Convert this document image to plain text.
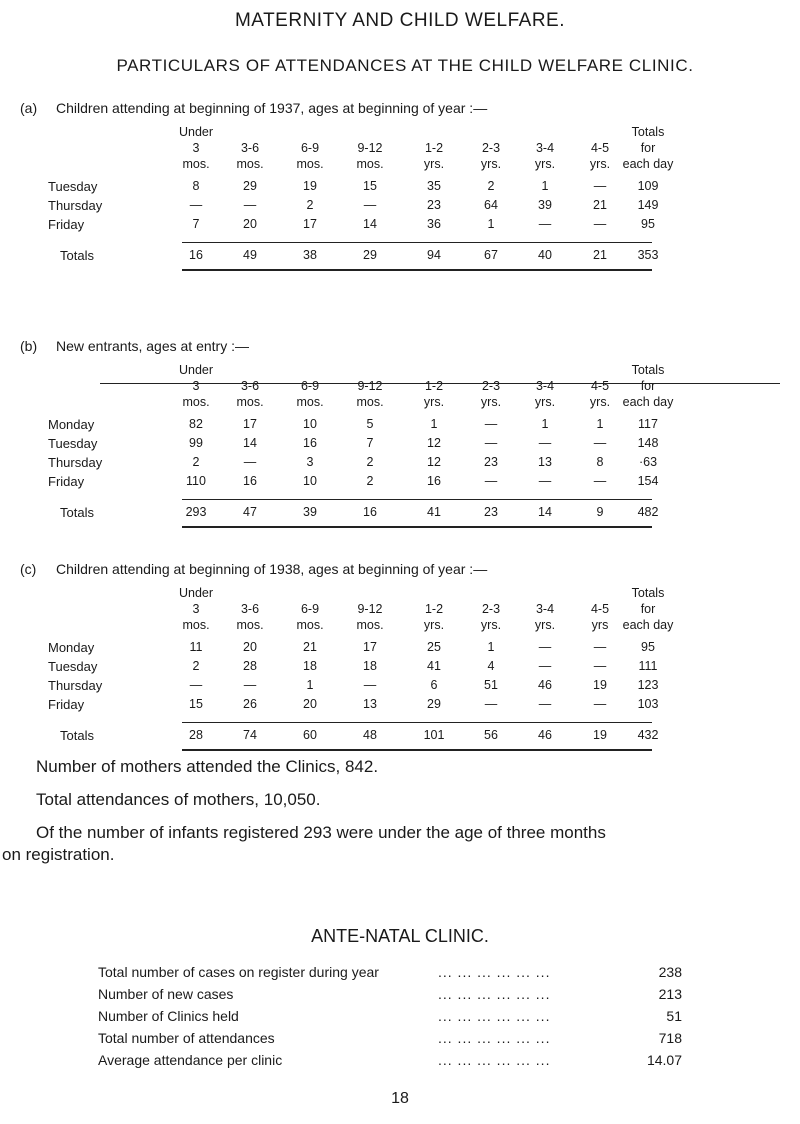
MATERNITY AND CHILD WELFARE.
PARTICULARS OF ATTENDANCES AT THE CHILD WELFARE CLINIC.
(a) Children attending at beginning of 1937, ages at beginning of year :—
Under
3
mos.
3-6
mos.
6-9
mos.
9-12
mos.
1-2
yrs.
2-3
yrs.
3-4
yrs.
4-5
yrs.
Totals
for
each day
Tuesday	8	29	19	15	35	2	1	—	109
Thursday	—	—	2	—	23	64	39	21	149
Friday	7	20	17	14	36	1	—	—	95
Totals	16	49	38	29	94	67	40	21	353
(b) New entrants, ages at entry :—
Under
3
mos.
3-6
mos.
6-9
mos.
9-12
mos.
1-2
yrs.
2-3
yrs.
3-4
yrs.
4-5
yrs.
Totals
for
each day
Monday	82	17	10	5	1	—	1	1	117
Tuesday	99	14	16	7	12	—	—	—	148
Thursday	2	—	3	2	12	23	13	8	·63
Friday	110	16	10	2	16	—	—	—	154
Totals	293	47	39	16	41	23	14	9	482
(c) Children attending at beginning of 1938, ages at beginning of year :—
Under
3
mos.
3-6
mos.
6-9
mos.
9-12
mos.
1-2
yrs.
2-3
yrs.
3-4
yrs.
4-5
yrs
Totals
for
each day
Monday	11	20	21	17	25	1	—	—	95
Tuesday	2	28	18	18	41	4	—	—	111
Thursday	—	—	1	—	6	51	46	19	123
Friday	15	26	20	13	29	—	—	—	103
Totals	28	74	60	48	101	56	46	19	432
Number of mothers attended the Clinics, 842.
Total attendances of mothers, 10,050.
Of the number of infants registered 293 were under the age of three months
on registration.
ANTE-NATAL CLINIC.
Total number of cases on register during year	... ... ... ... ... ...	238
Number of new cases	... ... ... ... ... ...	213
Number of Clinics held	... ... ... ... ... ...	51
Total number of attendances	... ... ... ... ... ...	718
Average attendance per clinic	... ... ... ... ... ...	14.07
18
